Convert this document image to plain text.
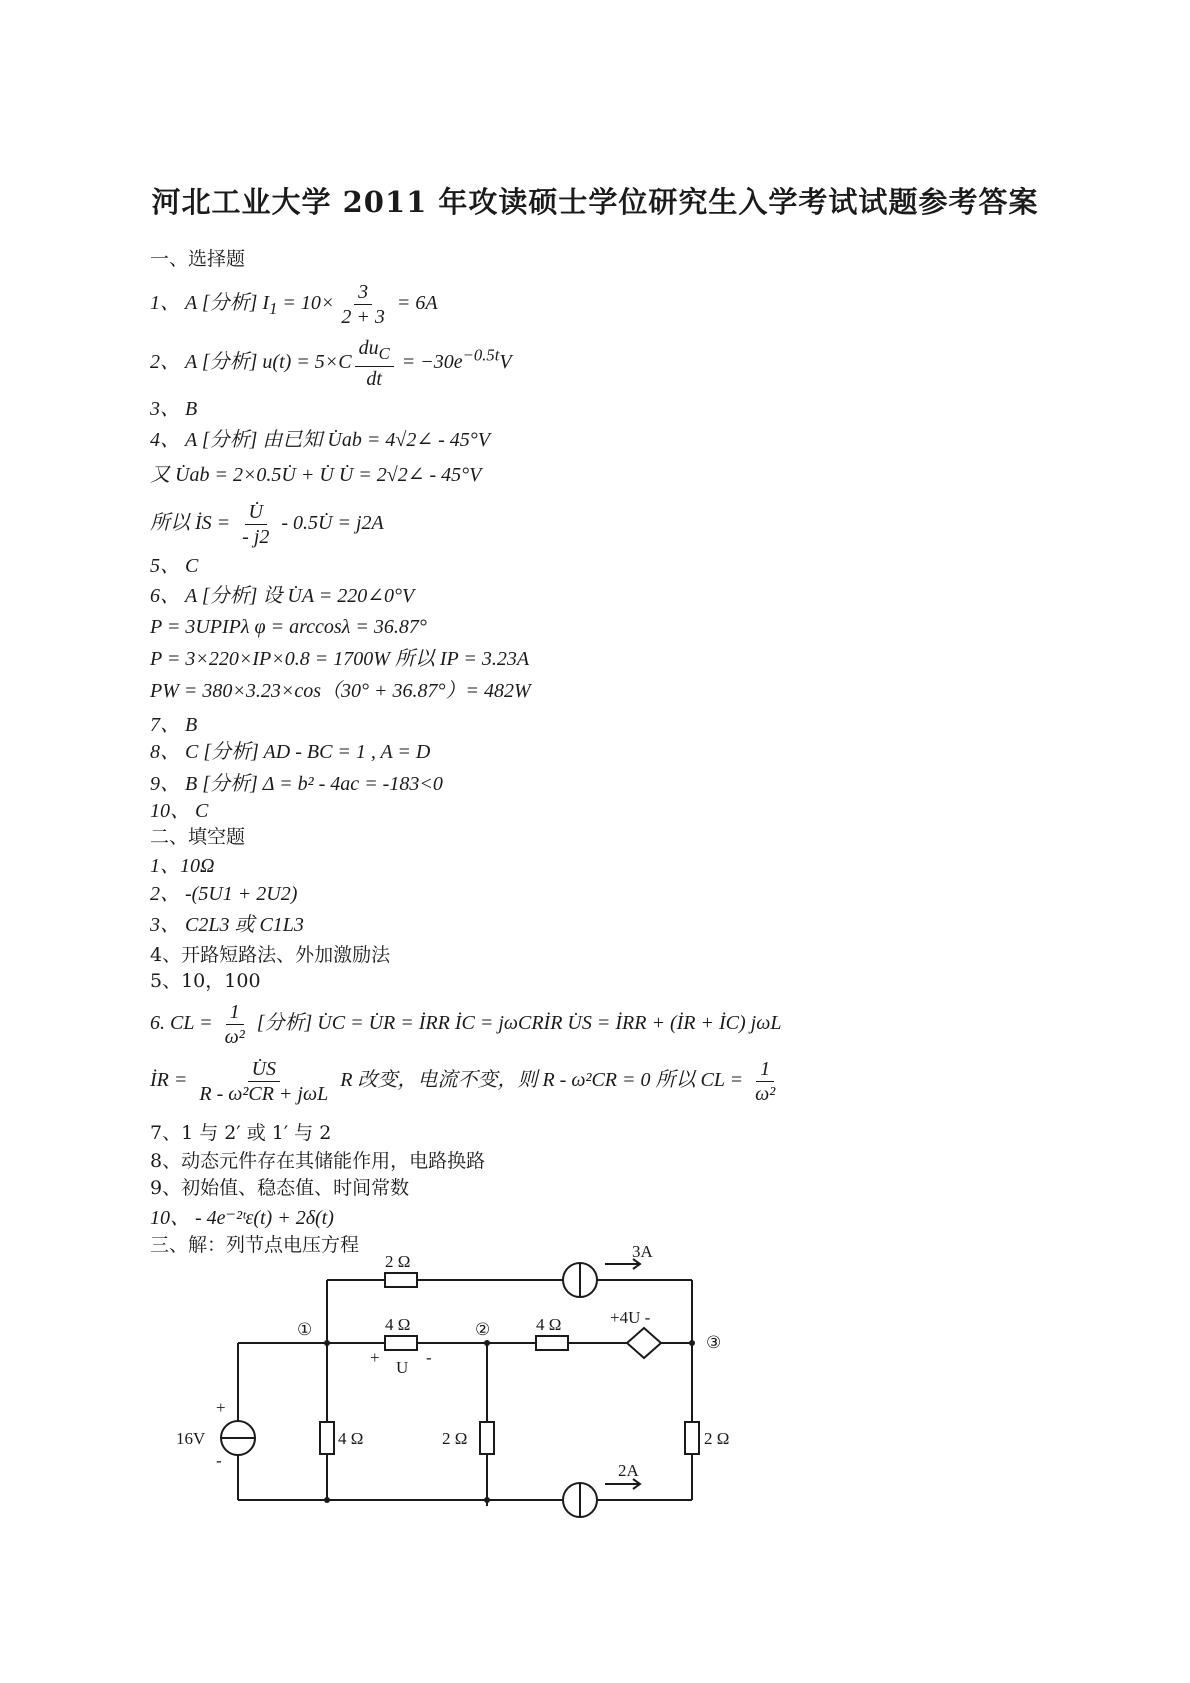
河北工业大学 2011 年攻读硕士学位研究生入学考试试题参考答案
一、选择题
1、 A [分析] $I_1 = 10\times \frac{3}{2 + 3} = 6A$
2、 A [分析] $u(t) = 5\times C \frac{du_C}{dt} = -30e^{-0.5t}V$
3、 B
4、 A [分析] 由已知 U̇ab = 4√2∠ - 45°V
又 U̇ab = 2×0.5U̇ + U̇ U̇ = 2√2∠ - 45°V
所以 İS = $\frac{U̇}{- j2}$ - 0.5U̇ = j2A
5、 C
6、 A [分析] 设 U̇A = 220∠0°V
P = 3UPIPλ φ = arccosλ = 36.87°
P = 3×220×IP×0.8 = 1700W 所以 IP = 3.23A
PW = 380×3.23×cos（30° + 36.87°）= 482W
7、 B
8、 C [分析] AD - BC = 1 , A = D
9、 B [分析] Δ = b² - 4ac = -183<0
10、 C
二、填空题
1、10Ω
2、 -(5U1 + 2U2)
3、 C2L3 或 C1L3
4、开路短路法、外加激励法
5、10，100
6. CL = $\frac{1}{\text{ω²}}$ [分析] U̇C = U̇R = İRR İC = jωCRİR U̇S = İRR + (İR + İC) jωL
İR = $\frac{U̇S}{\text{R - ω²CR + jωL}}$ R 改变，电流不变，则 R - ω²CR = 0 所以 CL = $\frac{1}{\text{ω²}}$
7、1 与 2′ 或 1′ 与 2
8、动态元件存在其储能作用，电路换路
9、初始值、稳态值、时间常数
10、 - 4e⁻²ᵗε(t) + 2δ(t)
三、解：列节点电压方程
2 Ω
3A
①	4 Ω	②	4 Ω	+4U -
③
+
U
-
+
16V
-
4 Ω	2 Ω	2 Ω
2A
